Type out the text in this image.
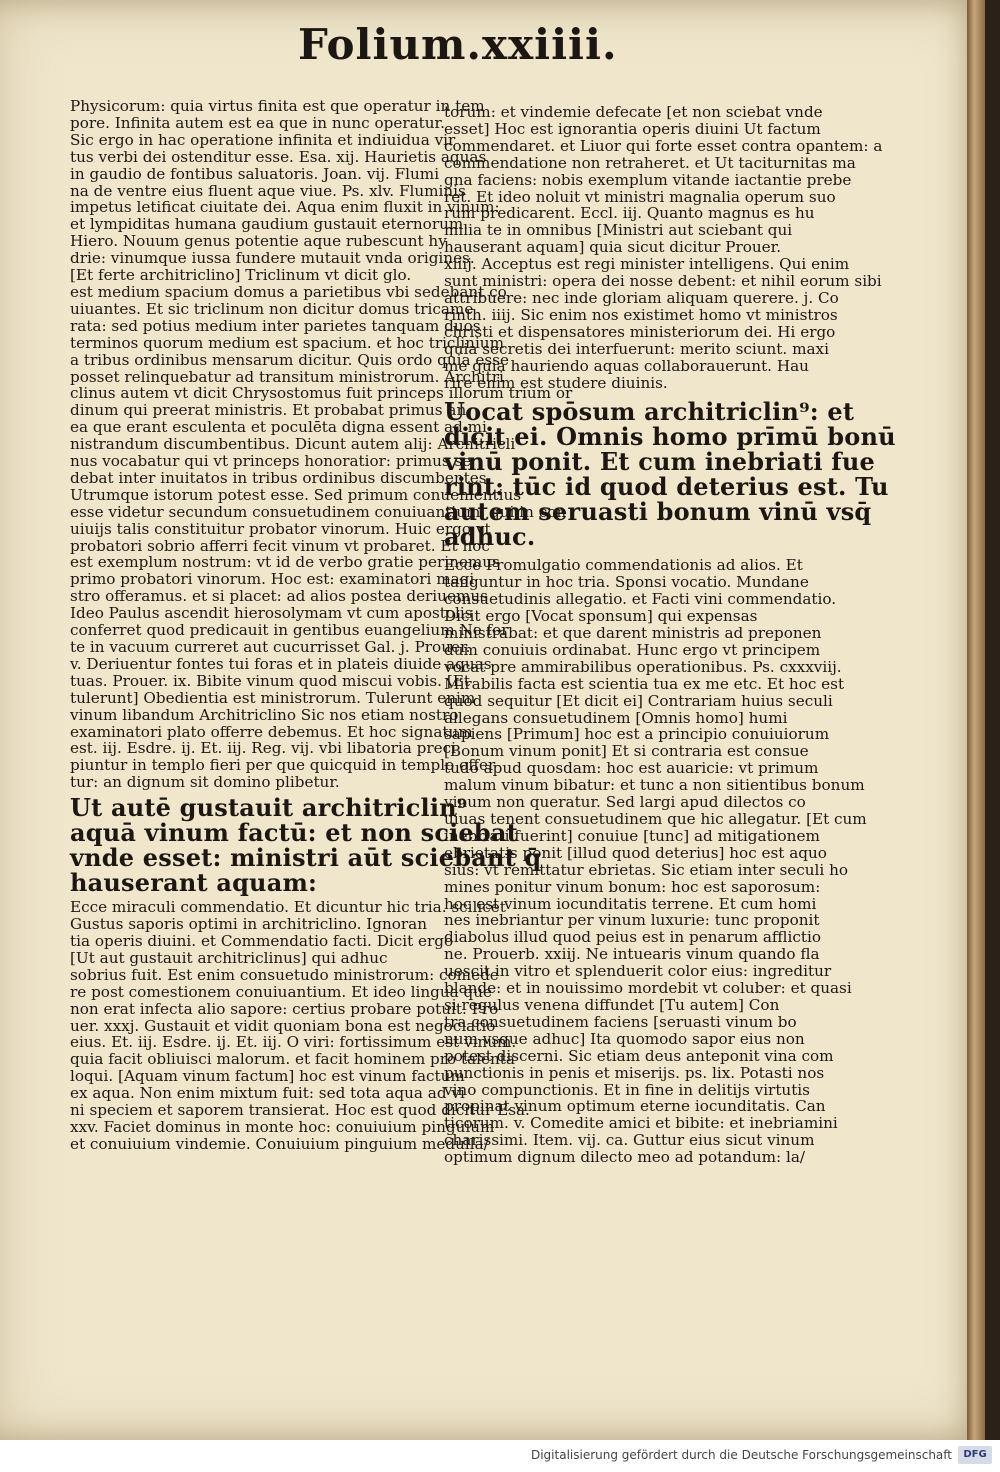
Folium.xxiiii.

Physicorum: quia virtus finita est que operatur in tem

pore. Infinita autem est ea que in nunc operatur.

Sic ergo in hac operatione infinita et indiuidua vir

tus verbi dei ostenditur esse. Esa. xij. Haurietis aquas

in gaudio de fontibus saluatoris. Joan. vij. Flumi

na de ventre eius fluent aque viue. Ps. xlv. Fluminis

impetus letificat ciuitate dei. Aqua enim fluxit in vinum:

et lympiditas humana gaudium gustauit eternorum.

Hiero. Nouum genus potentie aque rubescunt hy

drie: vinumque iussa fundere mutauit vnda origines.

[Et ferte architriclino] Triclinum vt dicit glo.

est medium spacium domus a parietibus vbi sedebant co

uiuantes. Et sic triclinum non dicitur domus tricame

rata: sed potius medium inter parietes tanquam duos

terminos quorum medium est spacium. et hoc triclinium

a tribus ordinibus mensarum dicitur. Quis ordo quia esse

posset relinquebatur ad transitum ministrorum. Architri

clinus autem vt dicit Chrysostomus fuit princeps illorum trium or

dinum qui preerat ministris. Et probabat primus an

ea que erant esculenta et poculēta digna essent ad mi

nistrandum discumbentibus. Dicunt autem alij: Architricli

nus vocabatur qui vt princeps honoratior: primus se

debat inter inuitatos in tribus ordinibus discumbentes

Utrumque istorum potest esse. Sed primum conuenientius

esse videtur secundum consuetudinem conuiuantium. qui in con

uiuijs talis constituitur probator vinorum. Huic ergo vt

probatori sobrio afferri fecit vinum vt probaret. Et hoc

est exemplum nostrum: vt id de verbo gratie perinemus

primo probatori vinorum. Hoc est: examinatori magi

stro offeramus. et si placet: ad alios postea deriuemus

Ideo Paulus ascendit hierosolymam vt cum apostolis

conferret quod predicauit in gentibus euangelium Ne for

te in vacuum curreret aut cucurrisset Gal. j. Prouer.

v. Deriuentur fontes tui foras et in plateis diuide aquas

tuas. Prouer. ix. Bibite vinum quod miscui vobis. [Et

tulerunt] Obedientia est ministrorum. Tulerunt enim

vinum libandum Architriclino Sic nos etiam nostro

examinatori plato offerre debemus. Et hoc signatum

est. iij. Esdre. ij. Et. iij. Reg. vij. vbi libatoria preci

piuntur in templo fieri per que quicquid in templo offer

tur: an dignum sit domino plibetur.

Ut autē gustauit architriclin⁹

aquā vinum factū: et non sciebat

vnde esset: ministri aūt sciebant q̄

hauserant aquam:

Ecce miraculi commendatio. Et dicuntur hic tria. scilicet

Gustus saporis optimi in architriclino. Ignoran

tia operis diuini. et Commendatio facti. Dicit ergo

[Ut aut gustauit architriclinus] qui adhuc

sobrius fuit. Est enim consuetudo ministrorum: comede

re post comestionem conuiuantium. Et ideo lingua que

non erat infecta alio sapore: certius probare potuit. Pro

uer. xxxj. Gustauit et vidit quoniam bona est negociatio

eius. Et. iij. Esdre. ij. Et. iij. O viri: fortissimum est vinum.

quia facit obliuisci malorum. et facit hominem pro talenta

loqui. [Aquam vinum factum] hoc est vinum factum

ex aqua. Non enim mixtum fuit: sed tota aqua ad vi

ni speciem et saporem transierat. Hoc est quod dicitur Esa.

xxv. Faciet dominus in monte hoc: conuiuium pinguium

et conuiuium vindemie. Conuiuium pinguium medulla/

torum: et vindemie defecate [et non sciebat vnde

esset] Hoc est ignorantia operis diuini Ut factum

commendaret. et Liuor qui forte esset contra opantem: a

commendatione non retraheret. et Ut taciturnitas ma

gna faciens: nobis exemplum vitande iactantie prebe

ret. Et ideo noluit vt ministri magnalia operum suo

rum predicarent. Eccl. iij. Quanto magnus es hu

milia te in omnibus [Ministri aut sciebant qui

hauserant aquam] quia sicut dicitur Prouer.

xiiij. Acceptus est regi minister intelligens. Qui enim

sunt ministri: opera dei nosse debent: et nihil eorum sibi

attribuere: nec inde gloriam aliquam querere. j. Co

rinth. iiij. Sic enim nos existimet homo vt ministros

christi et dispensatores ministeriorum dei. Hi ergo

quia secretis dei interfuerunt: merito sciunt. maxi

me quia hauriendo aquas collaborauerunt. Hau

rire enim est studere diuinis.

Uocat spōsum architriclin⁹: et

dicit ei. Omnis homo prīmū bonū

vinū ponit. Et cum inebriati fue

rint: tūc id quod deterius est. Tu

autem seruasti bonum vinū vsq̄

adhuc.

Ecce Promulgatio commendationis ad alios. Et

tanguntur in hoc tria. Sponsi vocatio. Mundane

consuetudinis allegatio. et Facti vini commendatio.

Dicit ergo [Vocat sponsum] qui expensas

ministrabat: et que darent ministris ad preponen

dum conuiuis ordinabat. Hunc ergo vt principem

vocat pre ammirabilibus operationibus. Ps. cxxxviij.

Mirabilis facta est scientia tua ex me etc. Et hoc est

quod sequitur [Et dicit ei] Contrariam huius seculi

allegans consuetudinem [Omnis homo] humi

sapiens [Primum] hoc est a principio conuiuiorum

[Bonum vinum ponit] Et si contraria est consue

tudo apud quosdam: hoc est auaricie: vt primum

malum vinum bibatur: et tunc a non sitientibus bonum

vinum non queratur. Sed largi apud dilectos co

uiuas tenent consuetudinem que hic allegatur. [Et cum

inebriati fuerint] conuiue [tunc] ad mitigationem

ebrietatis ponit [illud quod deterius] hoc est aquo

sius: vt remittatur ebrietas. Sic etiam inter seculi ho

mines ponitur vinum bonum: hoc est saporosum:

hoc est vinum iocunditatis terrene. Et cum homi

nes inebriantur per vinum luxurie: tunc proponit

diabolus illud quod peius est in penarum afflictio

ne. Prouerb. xxiij. Ne intuearis vinum quando fla

uescit in vitro et splenduerit color eius: ingreditur

blande: et in nouissimo mordebit vt coluber: et quasi

si regulus venena diffundet [Tu autem] Con

tra consuetudinem faciens [seruasti vinum bo

num vsque adhuc] Ita quomodo sapor eius non

potest discerni. Sic etiam deus anteponit vina com

punctionis in penis et miserijs. ps. lix. Potasti nos

vino compunctionis. Et in fine in delitijs virtutis

propinat vinum optimum eterne iocunditatis. Can

ticorum. v. Comedite amici et bibite: et inebriamini

charissimi. Item. vij. ca. Guttur eius sicut vinum

optimum dignum dilecto meo ad potandum: la/

Digitalisierung gefördert durch die Deutsche Forschungsgemeinschaft	DFG
